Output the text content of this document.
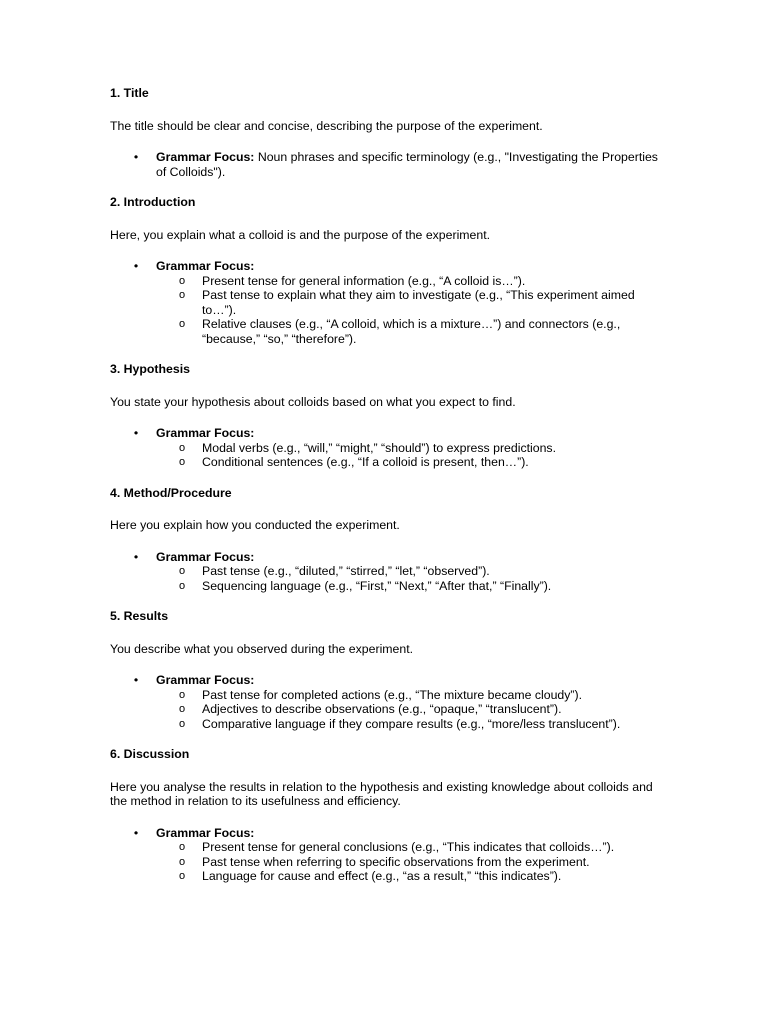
1. Title

The title should be clear and concise, describing the purpose of the experiment.

• Grammar Focus: Noun phrases and specific terminology (e.g., "Investigating the Properties of Colloids").

2. Introduction

Here, you explain what a colloid is and the purpose of the experiment.

• Grammar Focus:
o Present tense for general information (e.g., “A colloid is…”).
o Past tense to explain what they aim to investigate (e.g., “This experiment aimed to…”).
o Relative clauses (e.g., “A colloid, which is a mixture…”) and connectors (e.g., “because,” “so,” “therefore”).

3. Hypothesis

You state your hypothesis about colloids based on what you expect to find.

• Grammar Focus:
o Modal verbs (e.g., “will,” “might,” “should”) to express predictions.
o Conditional sentences (e.g., “If a colloid is present, then…”).

4. Method/Procedure

Here you explain how you conducted the experiment.

• Grammar Focus:
o Past tense (e.g., “diluted,” “stirred,” “let,” “observed”).
o Sequencing language (e.g., “First,” “Next,” “After that,” “Finally”).

5. Results

You describe what you observed during the experiment.

• Grammar Focus:
o Past tense for completed actions (e.g., “The mixture became cloudy”).
o Adjectives to describe observations (e.g., “opaque,” “translucent”).
o Comparative language if they compare results (e.g., “more/less translucent”).

6. Discussion

Here you analyse the results in relation to the hypothesis and existing knowledge about colloids and the method in relation to its usefulness and efficiency.

• Grammar Focus:
o Present tense for general conclusions (e.g., “This indicates that colloids…”).
o Past tense when referring to specific observations from the experiment.
o Language for cause and effect (e.g., “as a result,” “this indicates”).
